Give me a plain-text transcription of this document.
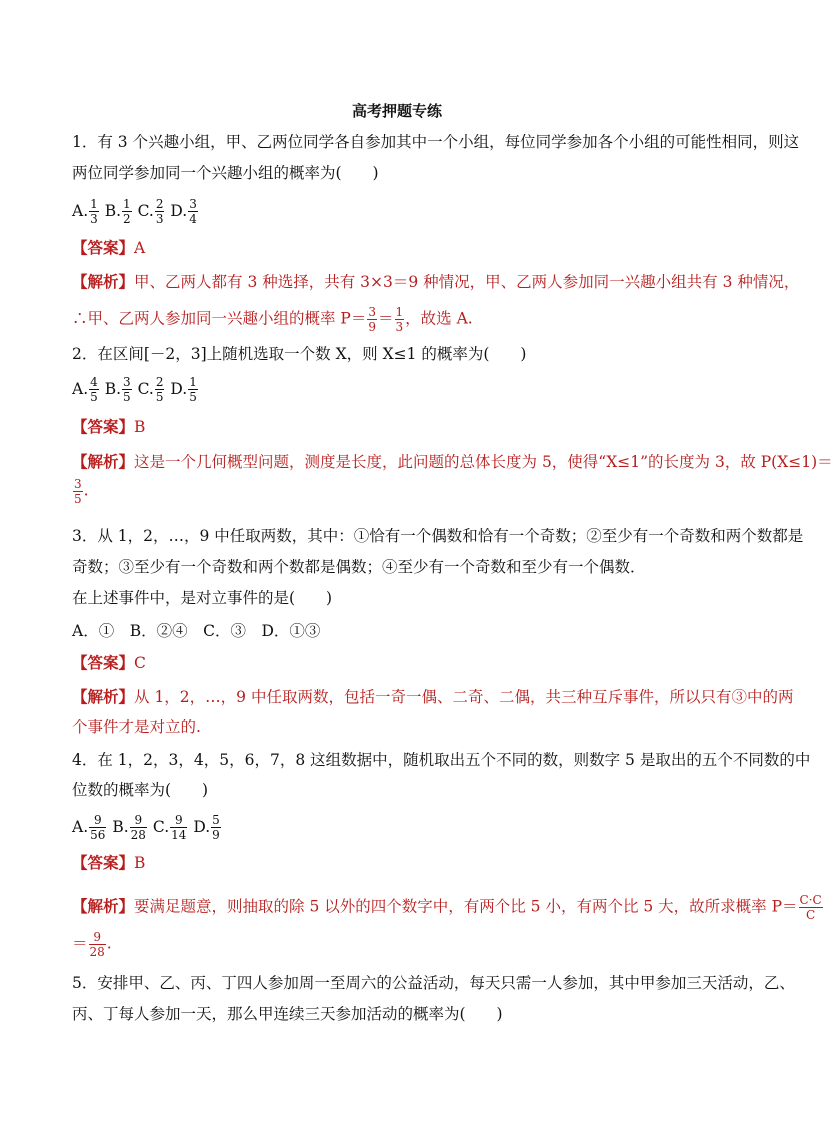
高考押题专练
1．有 3 个兴趣小组，甲、乙两位同学各自参加其中一个小组，每位同学参加各个小组的可能性相同，则这
两位同学参加同一个兴趣小组的概率为(　　)
A. $\frac{1}{3} B$. $\frac{1}{2} C$. $\frac{2}{3} D$. $\frac{3}{4}$
【答案】A
【解析】甲、乙两人都有 3 种选择，共有 3×3＝9 种情况，甲、乙两人参加同一兴趣小组共有 3 种情况，
∴甲、乙两人参加同一兴趣小组的概率 $P= \frac{3}{9} = \frac{1}{3}$ ，故选 A.
2．在区间[－2，3]上随机选取一个数 X，则 X≤1 的概率为(　　)
A. $\frac{4}{5} B$. $\frac{3}{5} C$. $\frac{2}{5} D$. $\frac{1}{5}$
【答案】B
【解析】这是一个几何概型问题，测度是长度，此问题的总体长度为 5，使得“X≤1”的长度为 3，故 P(X≤1)＝
$\frac{3}{5}$ .
3．从 1，2，…，9 中任取两数，其中：①恰有一个偶数和恰有一个奇数；②至少有一个奇数和两个数都是
奇数；③至少有一个奇数和两个数都是偶数；④至少有一个奇数和至少有一个偶数．
在上述事件中，是对立事件的是(　　)
A．①　B．②④　C．③　D．①③
【答案】C
【解析】从 1，2，…，9 中任取两数，包括一奇一偶、二奇、二偶，共三种互斥事件，所以只有③中的两
个事件才是对立的.
4．在 1，2，3，4，5，6，7，8 这组数据中，随机取出五个不同的数，则数字 5 是取出的五个不同数的中
位数的概率为(　　)
A. $\frac{9}{56} B$. $\frac{9}{28} C$. $\frac{9}{14} D$. $\frac{5}{9}$
【答案】B
【解析】要满足题意，则抽取的除 5 以外的四个数字中，有两个比 5 小，有两个比 5 大，故所求概率 $P= \frac{C\cdot C}{C}$
＝ $\frac{9}{28}$ .
5．安排甲、乙、丙、丁四人参加周一至周六的公益活动，每天只需一人参加，其中甲参加三天活动，乙、
丙、丁每人参加一天，那么甲连续三天参加活动的概率为(　　)
